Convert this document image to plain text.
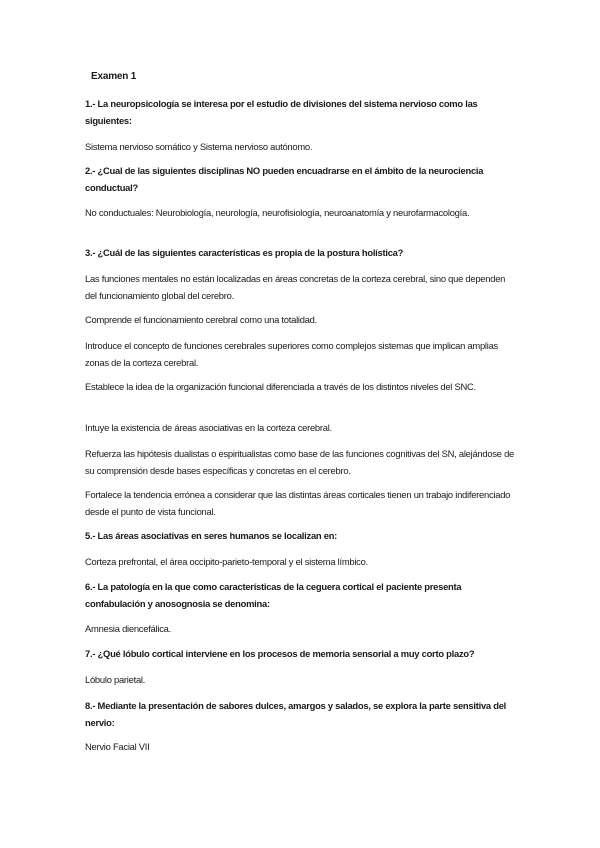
Examen 1
1.- La neuropsicología se interesa por el estudio de divisiones del sistema nervioso como las siguientes:
Sistema nervioso somático y Sistema nervioso autónomo.
2.- ¿Cual de las siguientes disciplinas NO pueden encuadrarse en el ámbito de la neurociencia conductual?
No conductuales: Neurobiología, neurología, neurofisiología, neuroanatomía y neurofarmacología.
3.- ¿Cuál de las siguientes características es propia de la postura holística?
Las funciones mentales no están localizadas en áreas concretas de la corteza cerebral, sino que dependen del funcionamiento global del cerebro.
Comprende el funcionamiento cerebral como una totalidad.
Introduce el concepto de funciones cerebrales superiores como complejos sistemas que implican amplias zonas de la corteza cerebral.
Establece la idea de la organización funcional diferenciada a través de los distintos niveles del SNC.
Intuye la existencia de áreas asociativas en la corteza cerebral.
Refuerza las hipótesis dualistas o espiritualistas como base de las funciones cognitivas del SN, alejándose de su comprensión desde bases específicas y concretas en el cerebro.
Fortalece la tendencia errónea a considerar que las distintas áreas corticales tienen un trabajo indiferenciado desde el punto de vista funcional.
5.- Las áreas asociativas en seres humanos se localizan en:
Corteza prefrontal, el área occipito-parieto-temporal y el sistema límbico.
6.- La patología en la que como características de la ceguera cortical el paciente presenta confabulación y anosognosia se denomina:
Amnesia diencefálica.
7.- ¿Qué lóbulo cortical interviene en los procesos de memoria sensorial a muy corto plazo?
Lóbulo parietal.
8.- Mediante la presentación de sabores dulces, amargos y salados, se explora la parte sensitiva del nervio:
Nervio Facial VII
